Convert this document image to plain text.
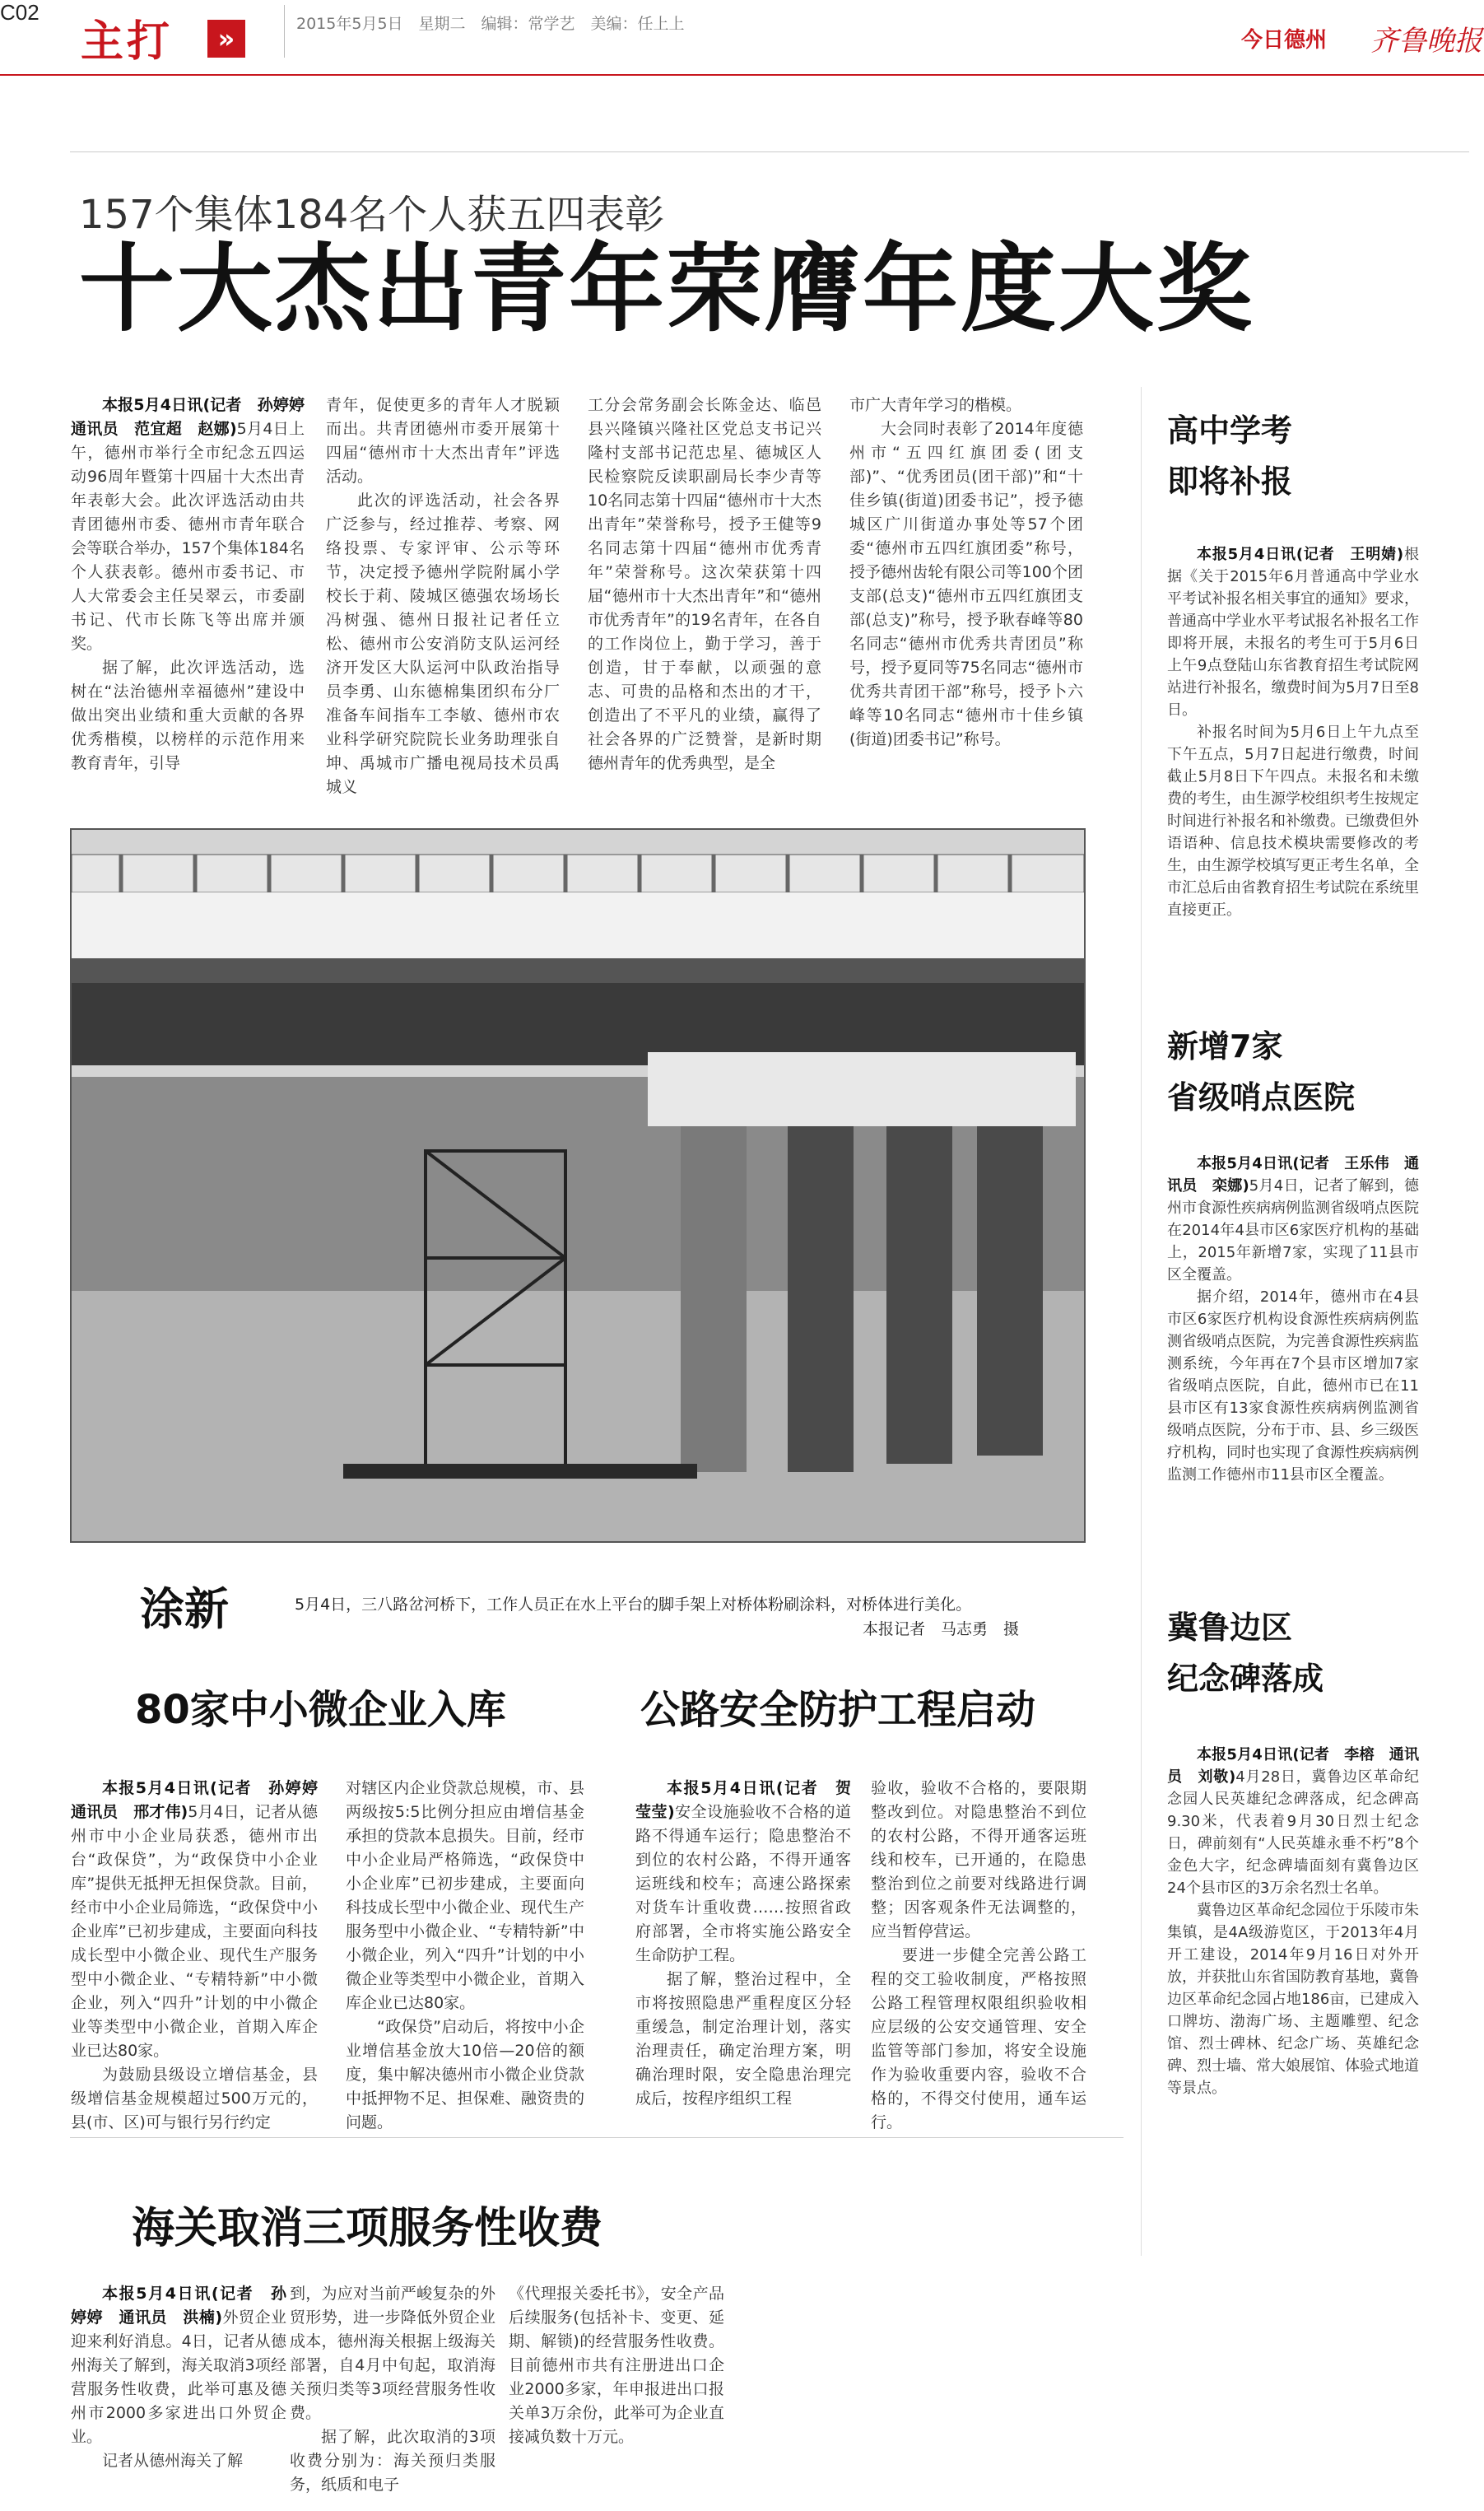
C02
主打	»	2015年5月5日　星期二　编辑：常学艺　美编：任上上
今日德州 齐鲁晚报
157个集体184名个人获五四表彰
十大杰出青年荣膺年度大奖

本报5月4日讯(记者　孙婷婷　通讯员　范宜超　赵娜)5月4日上午，德州市举行全市纪念五四运动96周年暨第十四届十大杰出青年表彰大会。此次评选活动由共青团德州市委、德州市青年联合会等联合举办，157个集体184名个人获表彰。德州市委书记、市人大常委会主任吴翠云，市委副书记、代市长陈飞等出席并颁奖。

据了解，此次评选活动，选树在“法治德州幸福德州”建设中做出突出业绩和重大贡献的各界优秀楷模，以榜样的示范作用来教育青年，引导

青年，促使更多的青年人才脱颖而出。共青团德州市委开展第十四届“德州市十大杰出青年”评选活动。

此次的评选活动，社会各界广泛参与，经过推荐、考察、网络投票、专家评审、公示等环节，决定授予德州学院附属小学校长于莉、陵城区德强农场场长冯树强、德州日报社记者任立松、德州市公安消防支队运河经济开发区大队运河中队政治指导员李勇、山东德棉集团织布分厂准备车间指车工李敏、德州市农业科学研究院院长业务助理张自坤、禹城市广播电视局技术员禹城义

工分会常务副会长陈金达、临邑县兴隆镇兴隆社区党总支书记兴隆村支部书记范忠星、德城区人民检察院反读职副局长李少青等10名同志第十四届“德州市十大杰出青年”荣誉称号，授予王健等9名同志第十四届“德州市优秀青年”荣誉称号。这次荣获第十四届“德州市十大杰出青年”和“德州市优秀青年”的19名青年，在各自的工作岗位上，勤于学习，善于创造，甘于奉献，以顽强的意志、可贵的品格和杰出的才干，创造出了不平凡的业绩，赢得了社会各界的广泛赞誉，是新时期德州青年的优秀典型，是全

市广大青年学习的楷模。

大会同时表彰了2014年度德州市“五四红旗团委(团支部)”、“优秀团员(团干部)”和“十佳乡镇(街道)团委书记”，授予德城区广川街道办事处等57个团委“德州市五四红旗团委”称号，授予德州齿轮有限公司等100个团支部(总支)“德州市五四红旗团支部(总支)”称号，授予耿春峰等80名同志“德州市优秀共青团员”称号，授予夏同等75名同志“德州市优秀共青团干部”称号，授予卜六峰等10名同志“德州市十佳乡镇(街道)团委书记”称号。

涂新	5月4日，三八路岔河桥下，工作人员正在水上平台的脚手架上对桥体粉刷涂料，对桥体进行美化。
本报记者　马志勇　摄
高中学考
即将补报

本报5月4日讯(记者　王明婧)根据《关于2015年6月普通高中学业水平考试补报名相关事宜的通知》要求，普通高中学业水平考试报名补报名工作即将开展，未报名的考生可于5月6日上午9点登陆山东省教育招生考试院网站进行补报名，缴费时间为5月7日至8日。

补报名时间为5月6日上午九点至下午五点，5月7日起进行缴费，时间截止5月8日下午四点。未报名和未缴费的考生，由生源学校组织考生按规定时间进行补报名和补缴费。已缴费但外语语种、信息技术模块需要修改的考生，由生源学校填写更正考生名单，全市汇总后由省教育招生考试院在系统里直接更正。

新增7家
省级哨点医院

本报5月4日讯(记者　王乐伟　通讯员　栾娜)5月4日，记者了解到，德州市食源性疾病病例监测省级哨点医院在2014年4县市区6家医疗机构的基础上，2015年新增7家，实现了11县市区全覆盖。

据介绍，2014年，德州市在4县市区6家医疗机构设食源性疾病病例监测省级哨点医院，为完善食源性疾病监测系统，今年再在7个县市区增加7家省级哨点医院，自此，德州市已在11县市区有13家食源性疾病病例监测省级哨点医院，分布于市、县、乡三级医疗机构，同时也实现了食源性疾病病例监测工作德州市11县市区全覆盖。

冀鲁边区
纪念碑落成

本报5月4日讯(记者　李榕　通讯员　刘敬)4月28日，冀鲁边区革命纪念园人民英雄纪念碑落成，纪念碑高9.30米，代表着9月30日烈士纪念日，碑前刻有“人民英雄永垂不朽”8个金色大字，纪念碑墙面刻有冀鲁边区24个县市区的3万余名烈士名单。

冀鲁边区革命纪念园位于乐陵市朱集镇，是4A级游览区，于2013年4月开工建设，2014年9月16日对外开放，并获批山东省国防教育基地，冀鲁边区革命纪念园占地186亩，已建成入口牌坊、渤海广场、主题雕塑、纪念馆、烈士碑林、纪念广场、英雄纪念碑、烈士墙、常大娘展馆、体验式地道等景点。

80家中小微企业入库

本报5月4日讯(记者　孙婷婷　通讯员　邢才伟)5月4日，记者从德州市中小企业局获悉，德州市出台“政保贷”，为“政保贷中小企业库”提供无抵押无担保贷款。目前，经市中小企业局筛选，“政保贷中小企业库”已初步建成，主要面向科技成长型中小微企业、现代生产服务型中小微企业、“专精特新”中小微企业，列入“四升”计划的中小微企业等类型中小微企业，首期入库企业已达80家。

为鼓励县级设立增信基金，县级增信基金规模超过500万元的，县(市、区)可与银行另行约定

对辖区内企业贷款总规模，市、县两级按5:5比例分担应由增信基金承担的贷款本息损失。目前，经市中小企业局严格筛选，“政保贷中小企业库”已初步建成，主要面向科技成长型中小微企业、现代生产服务型中小微企业、“专精特新”中小微企业，列入“四升”计划的中小微企业等类型中小微企业，首期入库企业已达80家。

“政保贷”启动后，将按中小企业增信基金放大10倍—20倍的额度，集中解决德州市小微企业贷款中抵押物不足、担保难、融资贵的问题。

公路安全防护工程启动

本报5月4日讯(记者　贺莹莹)安全设施验收不合格的道路不得通车运行；隐患整治不到位的农村公路，不得开通客运班线和校车；高速公路探索对货车计重收费……按照省政府部署，全市将实施公路安全生命防护工程。

据了解，整治过程中，全市将按照隐患严重程度区分轻重缓急，制定治理计划，落实治理责任，确定治理方案，明确治理时限，安全隐患治理完成后，按程序组织工程

验收，验收不合格的，要限期整改到位。对隐患整治不到位的农村公路，不得开通客运班线和校车，已开通的，在隐患整治到位之前要对线路进行调整；因客观条件无法调整的，应当暂停营运。

要进一步健全完善公路工程的交工验收制度，严格按照公路工程管理权限组织验收相应层级的公安交通管理、安全监管等部门参加，将安全设施作为验收重要内容，验收不合格的，不得交付使用，通车运行。

海关取消三项服务性收费

本报5月4日讯(记者　孙婷婷　通讯员　洪楠)外贸企业迎来利好消息。4日，记者从德州海关了解到，海关取消3项经营服务性收费，此举可惠及德州市2000多家进出口外贸企业。

记者从德州海关了解

到，为应对当前严峻复杂的外贸形势，进一步降低外贸企业成本，德州海关根据上级海关部署，自4月中旬起，取消海关预归类等3项经营服务性收费。

据了解，此次取消的3项收费分别为：海关预归类服务，纸质和电子

《代理报关委托书》，安全产品后续服务(包括补卡、变更、延期、解锁)的经营服务性收费。目前德州市共有注册进出口企业2000多家，年申报进出口报关单3万余份，此举可为企业直接减负数十万元。
